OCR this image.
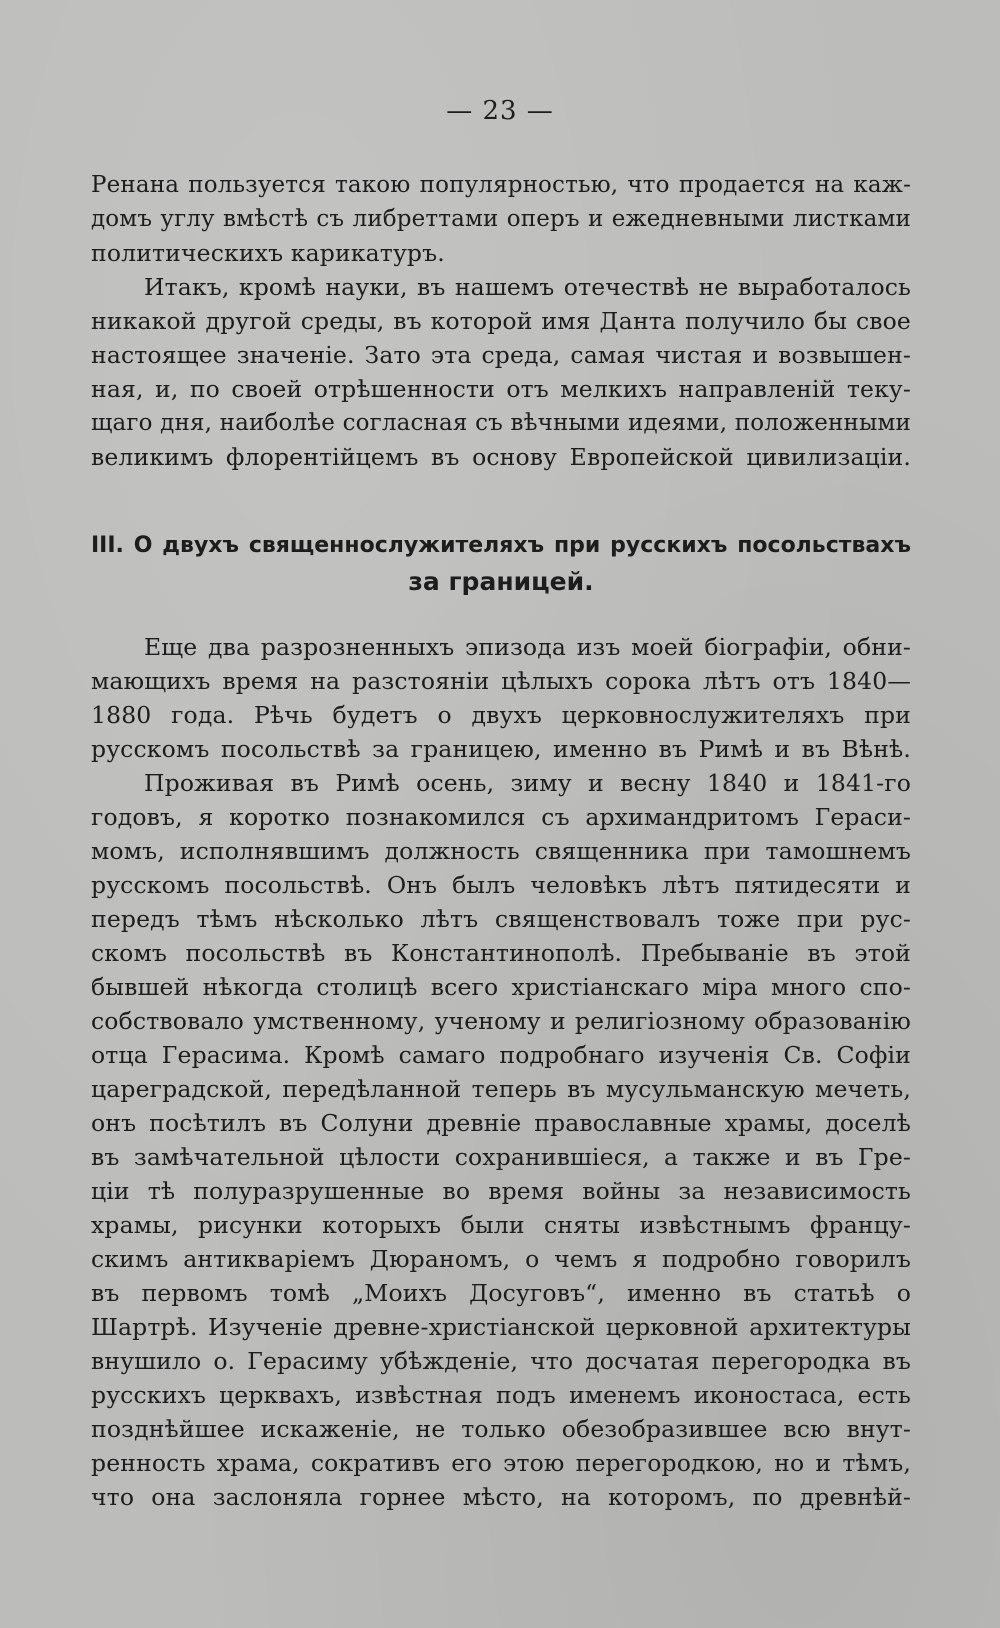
— 23 —
Ренана пользуется такою популярностью, что продается на каж-
домъ углу вмѣстѣ съ либреттами оперъ и ежедневными листками
политическихъ карикатуръ.
Итакъ, кромѣ науки, въ нашемъ отечествѣ не выработалось
никакой другой среды, въ которой имя Данта получило бы свое
настоящее значеніе. Зато эта среда, самая чистая и возвышен-
ная, и, по своей отрѣшенности отъ мелкихъ направленій теку-
щаго дня, наиболѣе согласная съ вѣчными идеями, положенными
великимъ флорентійцемъ въ основу Европейской цивилизаціи.
III. О двухъ священнослужителяхъ при русскихъ посольствахъ
за границей.
Еще два разрозненныхъ эпизода изъ моей біографіи, обни-
мающихъ время на разстояніи цѣлыхъ сорока лѣтъ отъ 1840—
1880 года. Рѣчь будетъ о двухъ церковнослужителяхъ при
русскомъ посольствѣ за границею, именно въ Римѣ и въ Вѣнѣ.
Проживая въ Римѣ осень, зиму и весну 1840 и 1841-го
годовъ, я коротко познакомился съ архимандритомъ Гераси-
момъ, исполнявшимъ должность священника при тамошнемъ
русскомъ посольствѣ. Онъ былъ человѣкъ лѣтъ пятидесяти и
передъ тѣмъ нѣсколько лѣтъ священствовалъ тоже при рус-
скомъ посольствѣ въ Константинополѣ. Пребываніе въ этой
бывшей нѣкогда столицѣ всего христіанскаго міра много спо-
собствовало умственному, ученому и религіозному образованію
отца Герасима. Кромѣ самаго подробнаго изученія Св. Софіи
цареградской, передѣланной теперь въ мусульманскую мечеть,
онъ посѣтилъ въ Солуни древніе православные храмы, доселѣ
въ замѣчательной цѣлости сохранившіеся, а также и въ Гре-
ціи тѣ полуразрушенные во время войны за независимость
храмы, рисунки которыхъ были сняты извѣстнымъ францу-
скимъ антикваріемъ Дюраномъ, о чемъ я подробно говорилъ
въ первомъ томѣ „Моихъ Досуговъ“, именно въ статьѣ о
Шартрѣ. Изученіе древне-христіанской церковной архитектуры
внушило о. Герасиму убѣжденіе, что досчатая перегородка въ
русскихъ церквахъ, извѣстная подъ именемъ иконостаса, есть
позднѣйшее искаженіе, не только обезобразившее всю внут-
ренность храма, сокративъ его этою перегородкою, но и тѣмъ,
что она заслоняла горнее мѣсто, на которомъ, по древнѣй-
